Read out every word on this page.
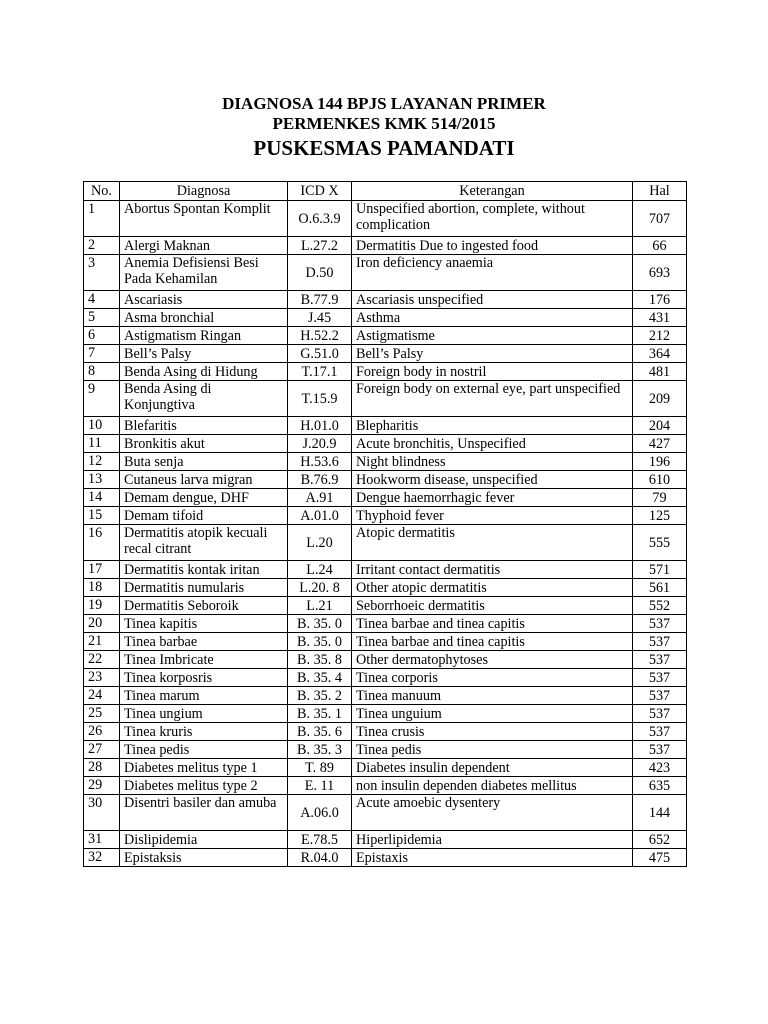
DIAGNOSA 144 BPJS LAYANAN PRIMER
PERMENKES KMK 514/2015
PUSKESMAS PAMANDATI
No.	Diagnosa	ICD X	Keterangan	Hal
1	Abortus Spontan Komplit	O.6.3.9	Unspecified abortion, complete, without complication	707
2	Alergi Maknan	L.27.2	Dermatitis Due to ingested food	66
3	Anemia Defisiensi Besi Pada Kehamilan	D.50	Iron deficiency anaemia	693
4	Ascariasis	B.77.9	Ascariasis unspecified	176
5	Asma bronchial	J.45	Asthma	431
6	Astigmatism Ringan	H.52.2	Astigmatisme	212
7	Bell’s Palsy	G.51.0	Bell’s Palsy	364
8	Benda Asing di Hidung	T.17.1	Foreign body in nostril	481
9	Benda Asing di Konjungtiva	T.15.9	Foreign body on external eye, part unspecified	209
10	Blefaritis	H.01.0	Blepharitis	204
11	Bronkitis akut	J.20.9	Acute bronchitis, Unspecified	427
12	Buta senja	H.53.6	Night blindness	196
13	Cutaneus larva migran	B.76.9	Hookworm disease, unspecified	610
14	Demam dengue, DHF	A.91	Dengue haemorrhagic fever	79
15	Demam tifoid	A.01.0	Thyphoid fever	125
16	Dermatitis atopik kecuali recal citrant	L.20	Atopic dermatitis	555
17	Dermatitis kontak iritan	L.24	Irritant contact dermatitis	571
18	Dermatitis numularis	L.20. 8	Other atopic dermatitis	561
19	Dermatitis Seboroik	L.21	Seborrhoeic dermatitis	552
20	Tinea kapitis	B. 35. 0	Tinea barbae and tinea capitis	537
21	Tinea barbae	B. 35. 0	Tinea barbae and tinea capitis	537
22	Tinea Imbricate	B. 35. 8	Other dermatophytoses	537
23	Tinea korposris	B. 35. 4	Tinea corporis	537
24	Tinea marum	B. 35. 2	Tinea manuum	537
25	Tinea ungium	B. 35. 1	Tinea unguium	537
26	Tinea kruris	B. 35. 6	Tinea crusis	537
27	Tinea pedis	B. 35. 3	Tinea pedis	537
28	Diabetes melitus type 1	T. 89	Diabetes insulin dependent	423
29	Diabetes melitus type 2	E. 11	non insulin dependen diabetes mellitus	635
30	Disentri basiler dan amuba	A.06.0	Acute amoebic dysentery	144
31	Dislipidemia	E.78.5	Hiperlipidemia	652
32	Epistaksis	R.04.0	Epistaxis	475
